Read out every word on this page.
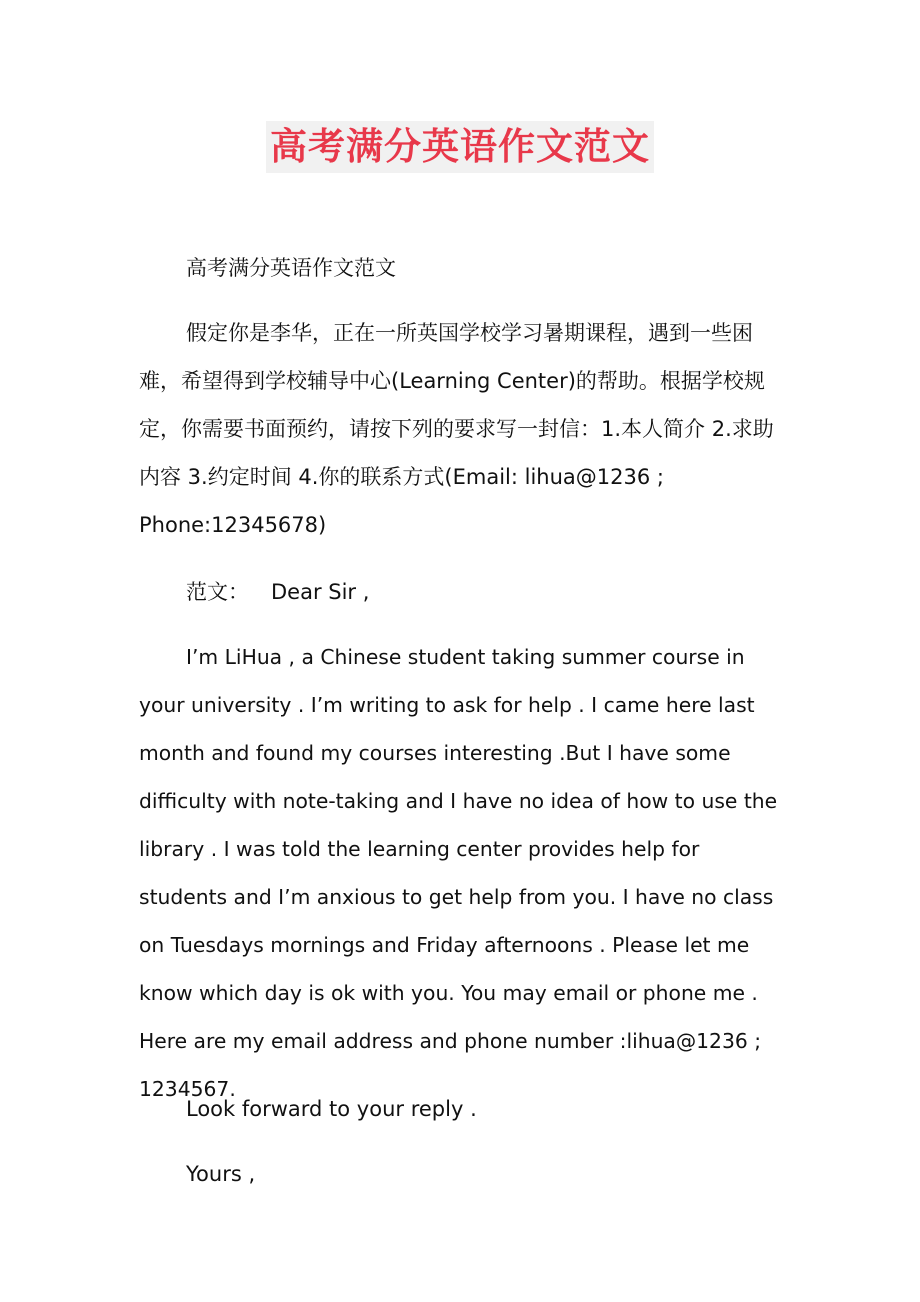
高考满分英语作文范文

高考满分英语作文范文

假定你是李华，正在一所英国学校学习暑期课程，遇到一些困难，希望得到学校辅导中心(Learning Center)的帮助。根据学校规定，你需要书面预约，请按下列的要求写一封信：1.本人简介 2.求助内容 3.约定时间 4.你的联系方式(Email: lihua@1236 ; Phone:12345678)

范文： Dear Sir ,

I’m LiHua , a Chinese student taking summer course in your university . I’m writing to ask for help . I came here last month and found my courses interesting .But I have some difficulty with note-taking and I have no idea of how to use the library . I was told the learning center provides help for students and I’m anxious to get help from you. I have no class on Tuesdays mornings and Friday afternoons . Please let me know which day is ok with you. You may email or phone me . Here are my email address and phone number :lihua@1236 ; 1234567.

Look forward to your reply .

Yours ,
